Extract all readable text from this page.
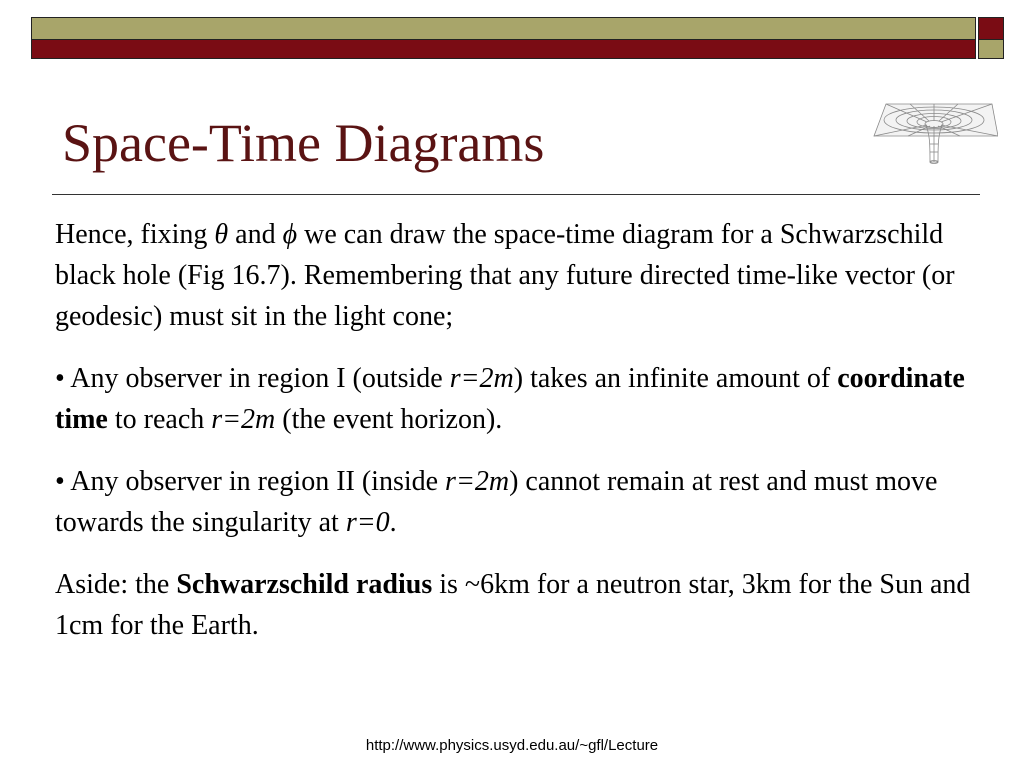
Space-Time Diagrams

Hence, fixing θ and ϕ we can draw the space-time diagram for a Schwarzschild black hole (Fig 16.7). Remembering that any future directed time-like vector (or geodesic) must sit in the light cone;

• Any observer in region I (outside r=2m) takes an infinite amount of coordinate time to reach r=2m (the event horizon).

• Any observer in region II (inside r=2m) cannot remain at rest and must move towards the singularity at r=0.

Aside: the Schwarzschild radius is ~6km for a neutron star, 3km for the Sun and 1cm for the Earth.

http://www.physics.usyd.edu.au/~gfl/Lecture
